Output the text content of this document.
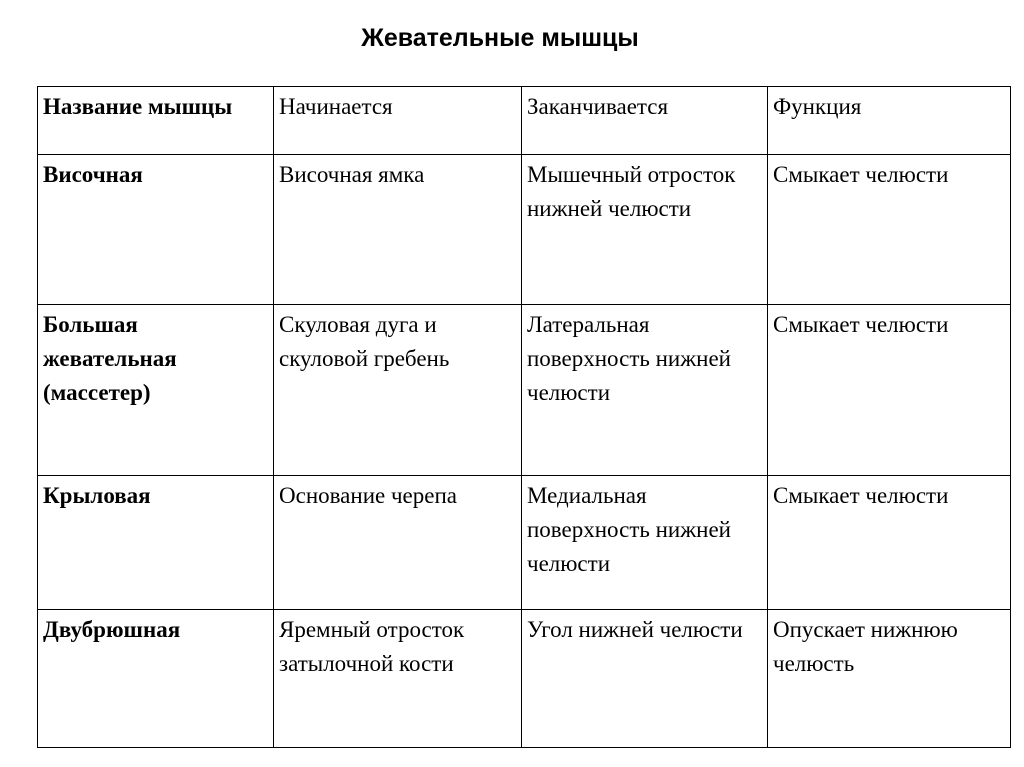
Жевательные мышцы
Название мышцы	Начинается	Заканчивается	Функция
Височная	Височная ямка	Мышечный отросток нижней челюсти	Смыкает челюсти
Большая жевательная (массетер)	Скуловая дуга и скуловой гребень	Латеральная поверхность нижней челюсти	Смыкает челюсти
Крыловая	Основание черепа	Медиальная поверхность нижней челюсти	Смыкает челюсти
Двубрюшная	Яремный отросток затылочной кости	Угол нижней челюсти	Опускает нижнюю челюсть
